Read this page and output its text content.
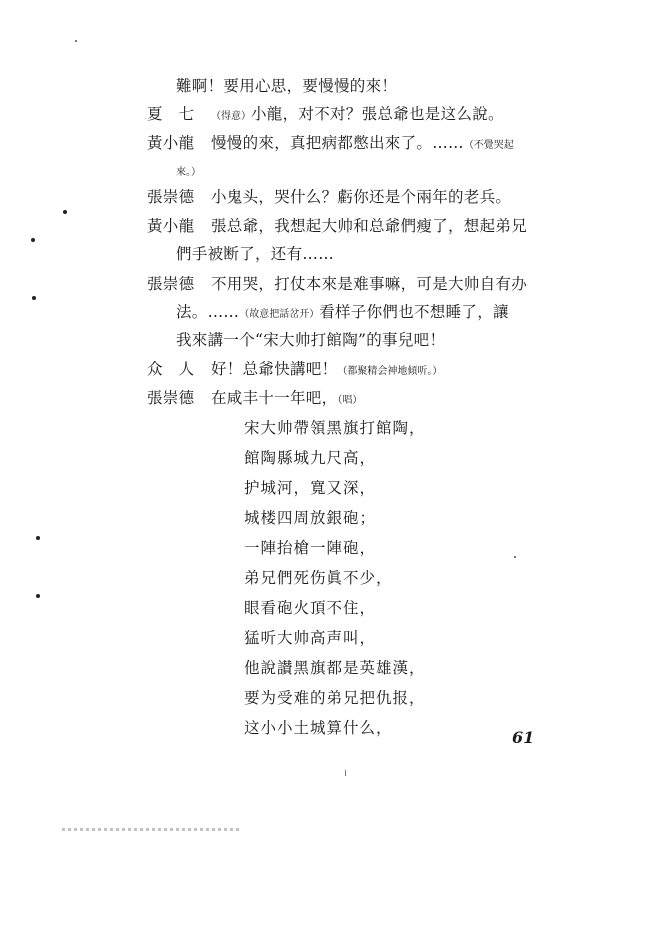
難啊！要用心思，要慢慢的來！
夏　七 （得意）小龍，对不对？張总爺也是这么說。
黃小龍 慢慢的來，真把病都憋出來了。……（不覺哭起
來。）
張崇德 小鬼头，哭什么？虧你还是个兩年的老兵。
黃小龍 張总爺，我想起大帅和总爺們瘦了，想起弟兄
們手被断了，还有……
張崇德 不用哭，打仗本來是难事嘛，可是大帅自有办
法。……（故意把話岔开）看样子你們也不想睡了，讓
我來講一个“宋大帅打館陶”的事兒吧！
众　人 好！总爺快講吧！（都聚精会神地傾听。）
張崇德 在咸丰十一年吧，（唱）
宋大帅帶領黑旗打館陶，
館陶縣城九尺高，
护城河，寬又深，
城楼四周放銀砲；
一陣抬槍一陣砲，
弟兄們死伤眞不少，
眼看砲火頂不住，
猛听大帅高声叫，
他說讃黑旗都是英雄漢，
要为受难的弟兄把仇报，
这小小土城算什么，	61
